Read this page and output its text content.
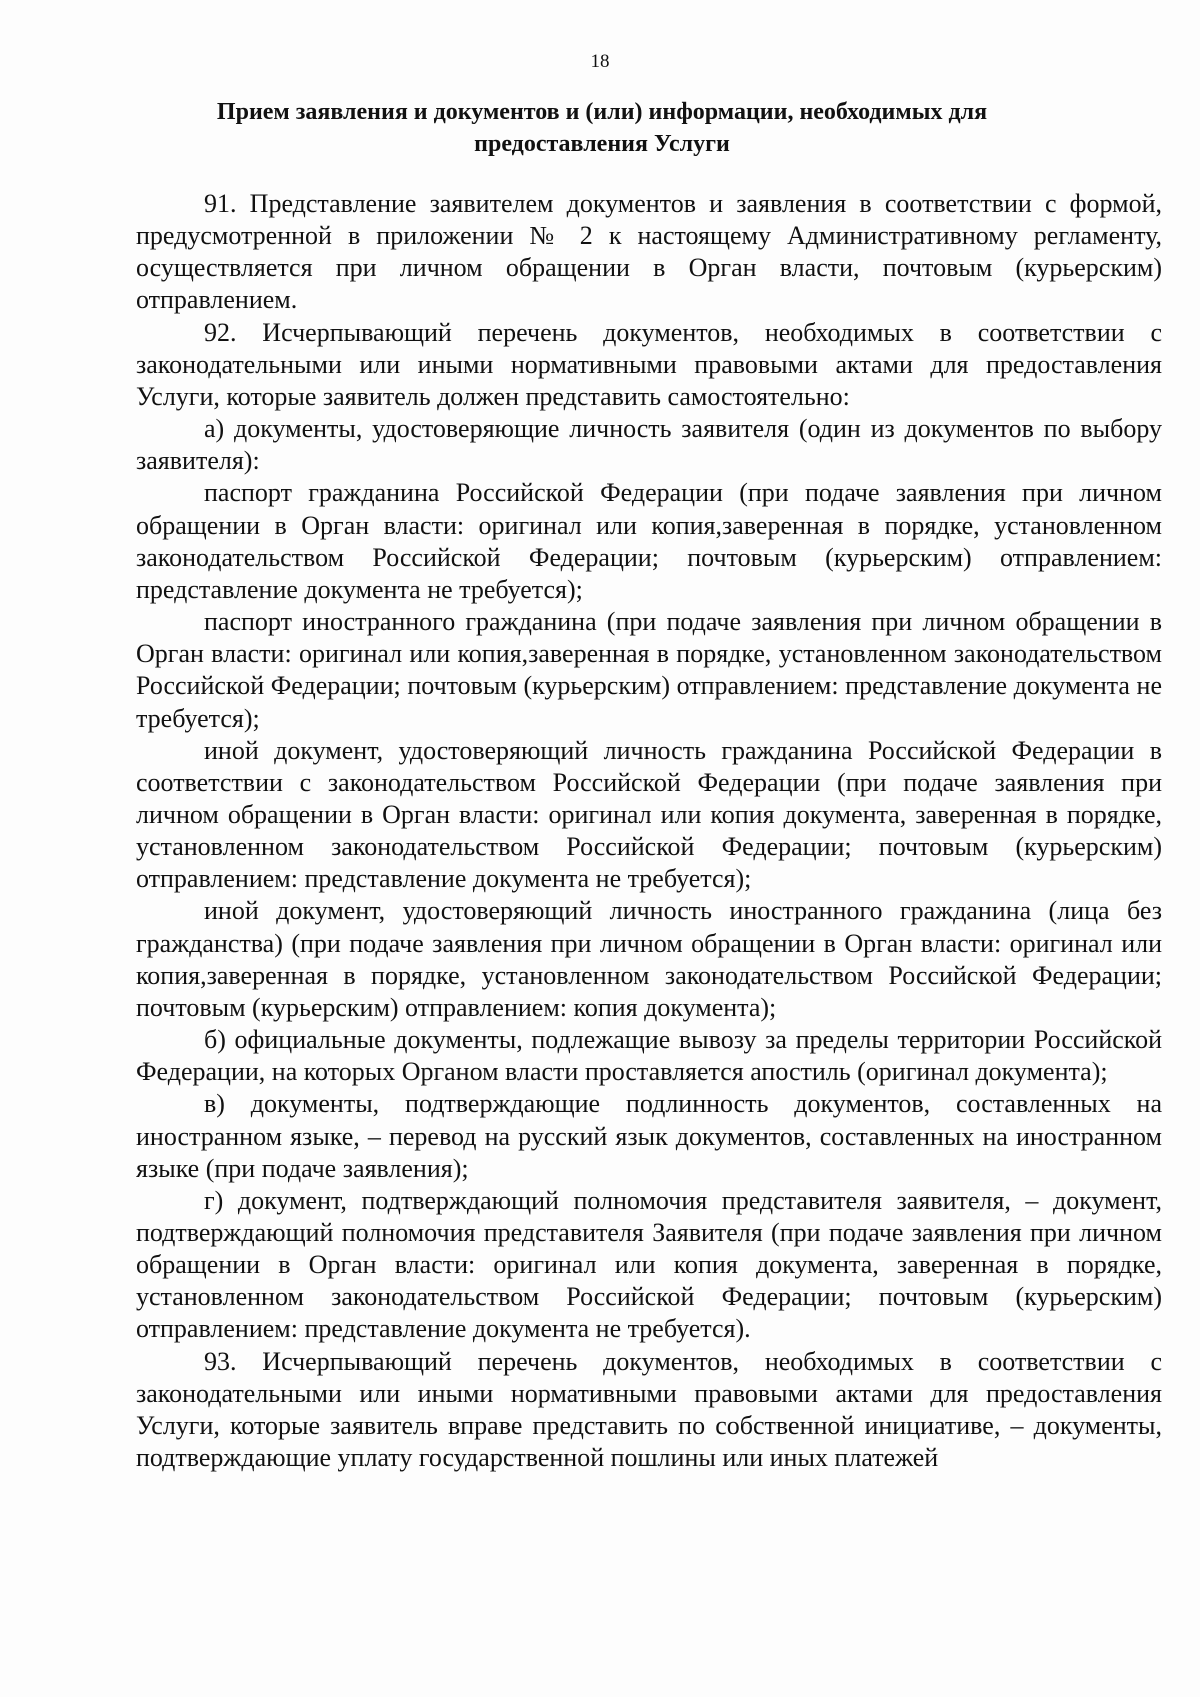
18
Прием заявления и документов и (или) информации, необходимых для предоставления Услуги

91. Представление заявителем документов и заявления в соответствии с формой, предусмотренной в приложении № 2 к настоящему Административному регламенту, осуществляется при личном обращении в Орган власти, почтовым (курьерским) отправлением.

92. Исчерпывающий перечень документов, необходимых в соответствии с законодательными или иными нормативными правовыми актами для предоставления Услуги, которые заявитель должен представить самостоятельно:

а) документы, удостоверяющие личность заявителя (один из документов по выбору заявителя):

паспорт гражданина Российской Федерации (при подаче заявления при личном обращении в Орган власти: оригинал или копия,заверенная в порядке, установленном законодательством Российской Федерации; почтовым (курьерским) отправлением: представление документа не требуется);

паспорт иностранного гражданина (при подаче заявления при личном обращении в Орган власти: оригинал или копия,заверенная в порядке, установленном законодательством Российской Федерации; почтовым (курьерским) отправлением: представление документа не требуется);

иной документ, удостоверяющий личность гражданина Российской Федерации в соответствии с законодательством Российской Федерации (при подаче заявления при личном обращении в Орган власти: оригинал или копия документа, заверенная в порядке, установленном законодательством Российской Федерации; почтовым (курьерским) отправлением: представление документа не требуется);

иной документ, удостоверяющий личность иностранного гражданина (лица без гражданства) (при подаче заявления при личном обращении в Орган власти: оригинал или копия,заверенная в порядке, установленном законодательством Российской Федерации; почтовым (курьерским) отправлением: копия документа);

б) официальные документы, подлежащие вывозу за пределы территории Российской Федерации, на которых Органом власти проставляется апостиль (оригинал документа);

в) документы, подтверждающие подлинность документов, составленных на иностранном языке, – перевод на русский язык документов, составленных на иностранном языке (при подаче заявления);

г) документ, подтверждающий полномочия представителя заявителя, – документ, подтверждающий полномочия представителя Заявителя (при подаче заявления при личном обращении в Орган власти: оригинал или копия документа, заверенная в порядке, установленном законодательством Российской Федерации; почтовым (курьерским) отправлением: представление документа не требуется).

93. Исчерпывающий перечень документов, необходимых в соответствии с законодательными или иными нормативными правовыми актами для предоставления Услуги, которые заявитель вправе представить по собственной инициативе, – документы, подтверждающие уплату государственной пошлины или иных платежей
